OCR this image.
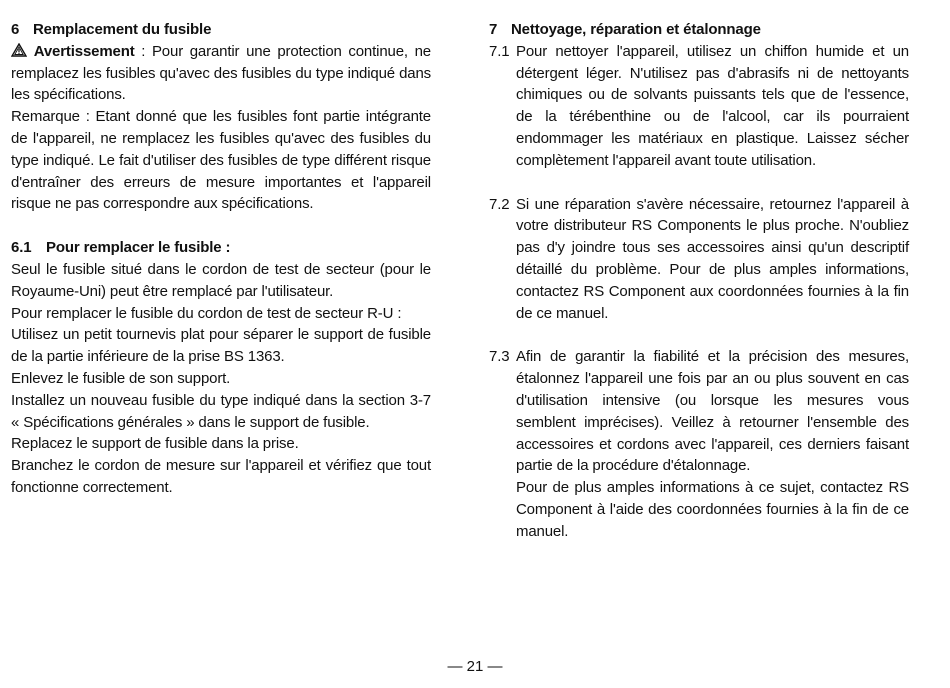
6 Remplacement du fusible

Avertissement : Pour garantir une protection continue, ne remplacez les fusibles qu'avec des fusibles du type indiqué dans les spécifications.

Remarque : Etant donné que les fusibles font partie intégrante de l'appareil, ne remplacez les fusibles qu'avec des fusibles du type indiqué. Le fait d'utiliser des fusibles de type différent risque d'entraîner des erreurs de mesure importantes et l'appareil risque ne pas correspondre aux spécifications.

6.1 Pour remplacer le fusible :

Seul le fusible situé dans le cordon de test de secteur (pour le Royaume-Uni) peut être remplacé par l'utilisateur.

Pour remplacer le fusible du cordon de test de secteur R-U :

Utilisez un petit tournevis plat pour séparer le support de fusible de la partie inférieure de la prise BS 1363.

Enlevez le fusible de son support.

Installez un nouveau fusible du type indiqué dans la section 3-7 « Spécifications générales » dans le support de fusible.

Replacez le support de fusible dans la prise.

Branchez le cordon de mesure sur l'appareil et vérifiez que tout fonctionne correctement.

7 Nettoyage, réparation et étalonnage
7.1 Pour nettoyer l'appareil, utilisez un chiffon humide et un détergent léger. N'utilisez pas d'abrasifs ni de nettoyants chimiques ou de solvants puissants tels que de l'essence, de la térébenthine ou de l'alcool, car ils pourraient endommager les matériaux en plastique. Laissez sécher complètement l'appareil avant toute utilisation.
7.2 Si une réparation s'avère nécessaire, retournez l'appareil à votre distributeur RS Components le plus proche. N'oubliez pas d'y joindre tous ses accessoires ainsi qu'un descriptif détaillé du problème. Pour de plus amples informations, contactez RS Component aux coordonnées fournies à la fin de ce manuel.
7.3 Afin de garantir la fiabilité et la précision des mesures, étalonnez l'appareil une fois par an ou plus souvent en cas d'utilisation intensive (ou lorsque les mesures vous semblent imprécises). Veillez à retourner l'ensemble des accessoires et cordons avec l'appareil, ces derniers faisant partie de la procédure d'étalonnage.
Pour de plus amples informations à ce sujet, contactez RS Component à l'aide des coordonnées fournies à la fin de ce manuel.
— 21 —
